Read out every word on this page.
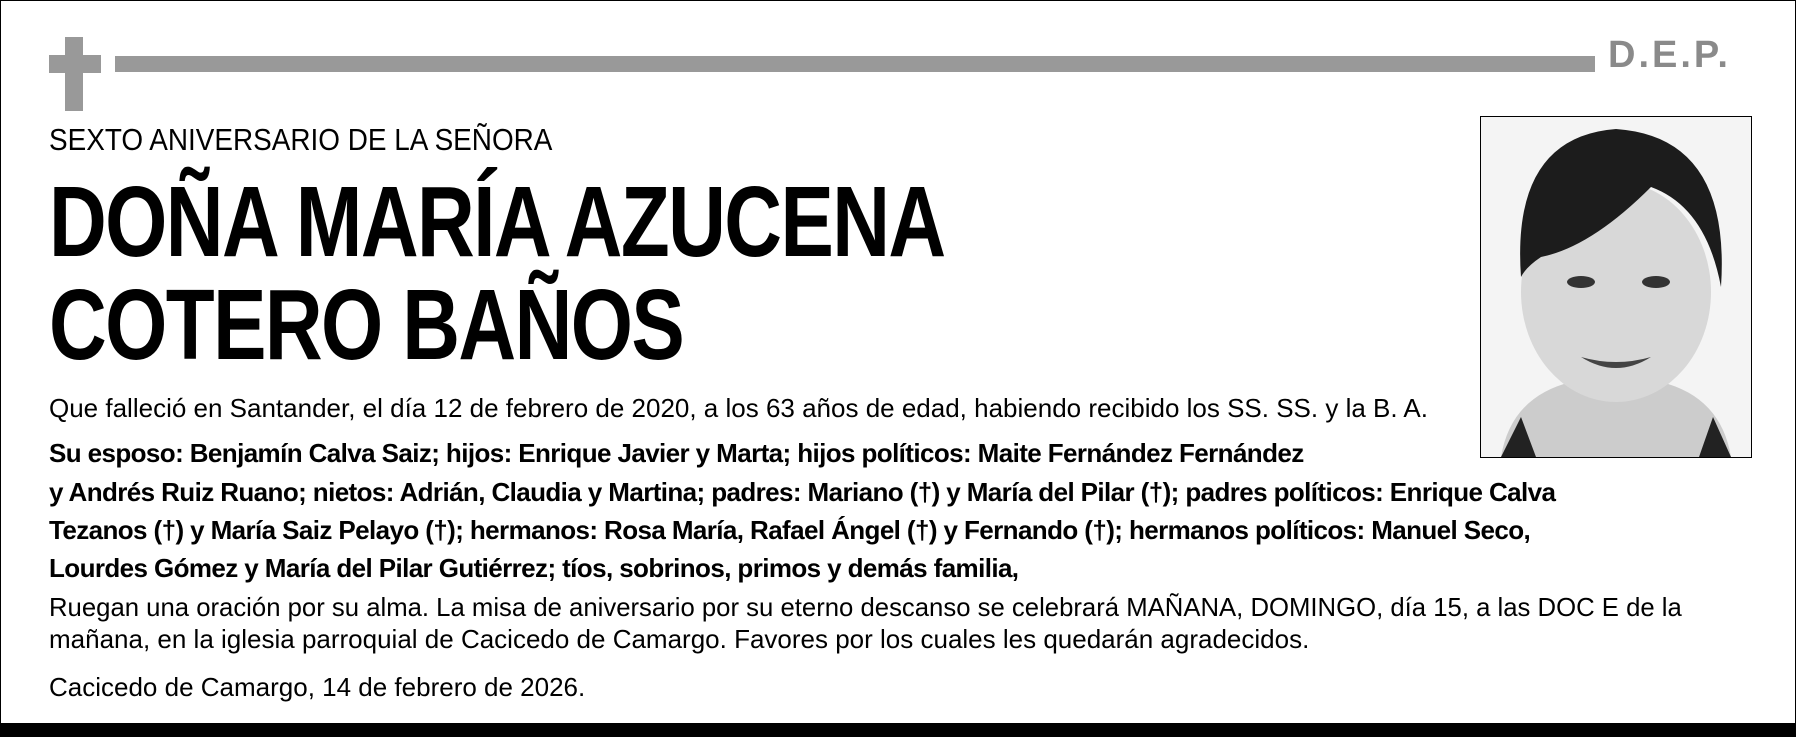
D.E.P.
SEXTO ANIVERSARIO DE LA SEÑORA
DOÑA MARÍA AZUCENA
COTERO BAÑOS
Que falleció en Santander, el día 12 de febrero de 2020, a los 63 años de edad, habiendo recibido los SS. SS. y la B. A.
Su esposo: Benjamín Calva Saiz; hijos: Enrique Javier y Marta; hijos políticos: Maite Fernández Fernández
y Andrés Ruiz Ruano; nietos: Adrián, Claudia y Martina; padres: Mariano (†) y María del Pilar (†); padres políticos: Enrique Calva
Tezanos (†) y María Saiz Pelayo (†); hermanos: Rosa María, Rafael Ángel (†) y Fernando (†); hermanos políticos: Manuel Seco,
Lourdes Gómez y María del Pilar Gutiérrez; tíos, sobrinos, primos y demás familia,
Ruegan una oración por su alma. La misa de aniversario por su eterno descanso se celebrará MAÑANA, DOMINGO, día 15, a las DOC E de la
mañana, en la iglesia parroquial de Cacicedo de Camargo. Favores por los cuales les quedarán agradecidos.
Cacicedo de Camargo, 14 de febrero de 2026.
